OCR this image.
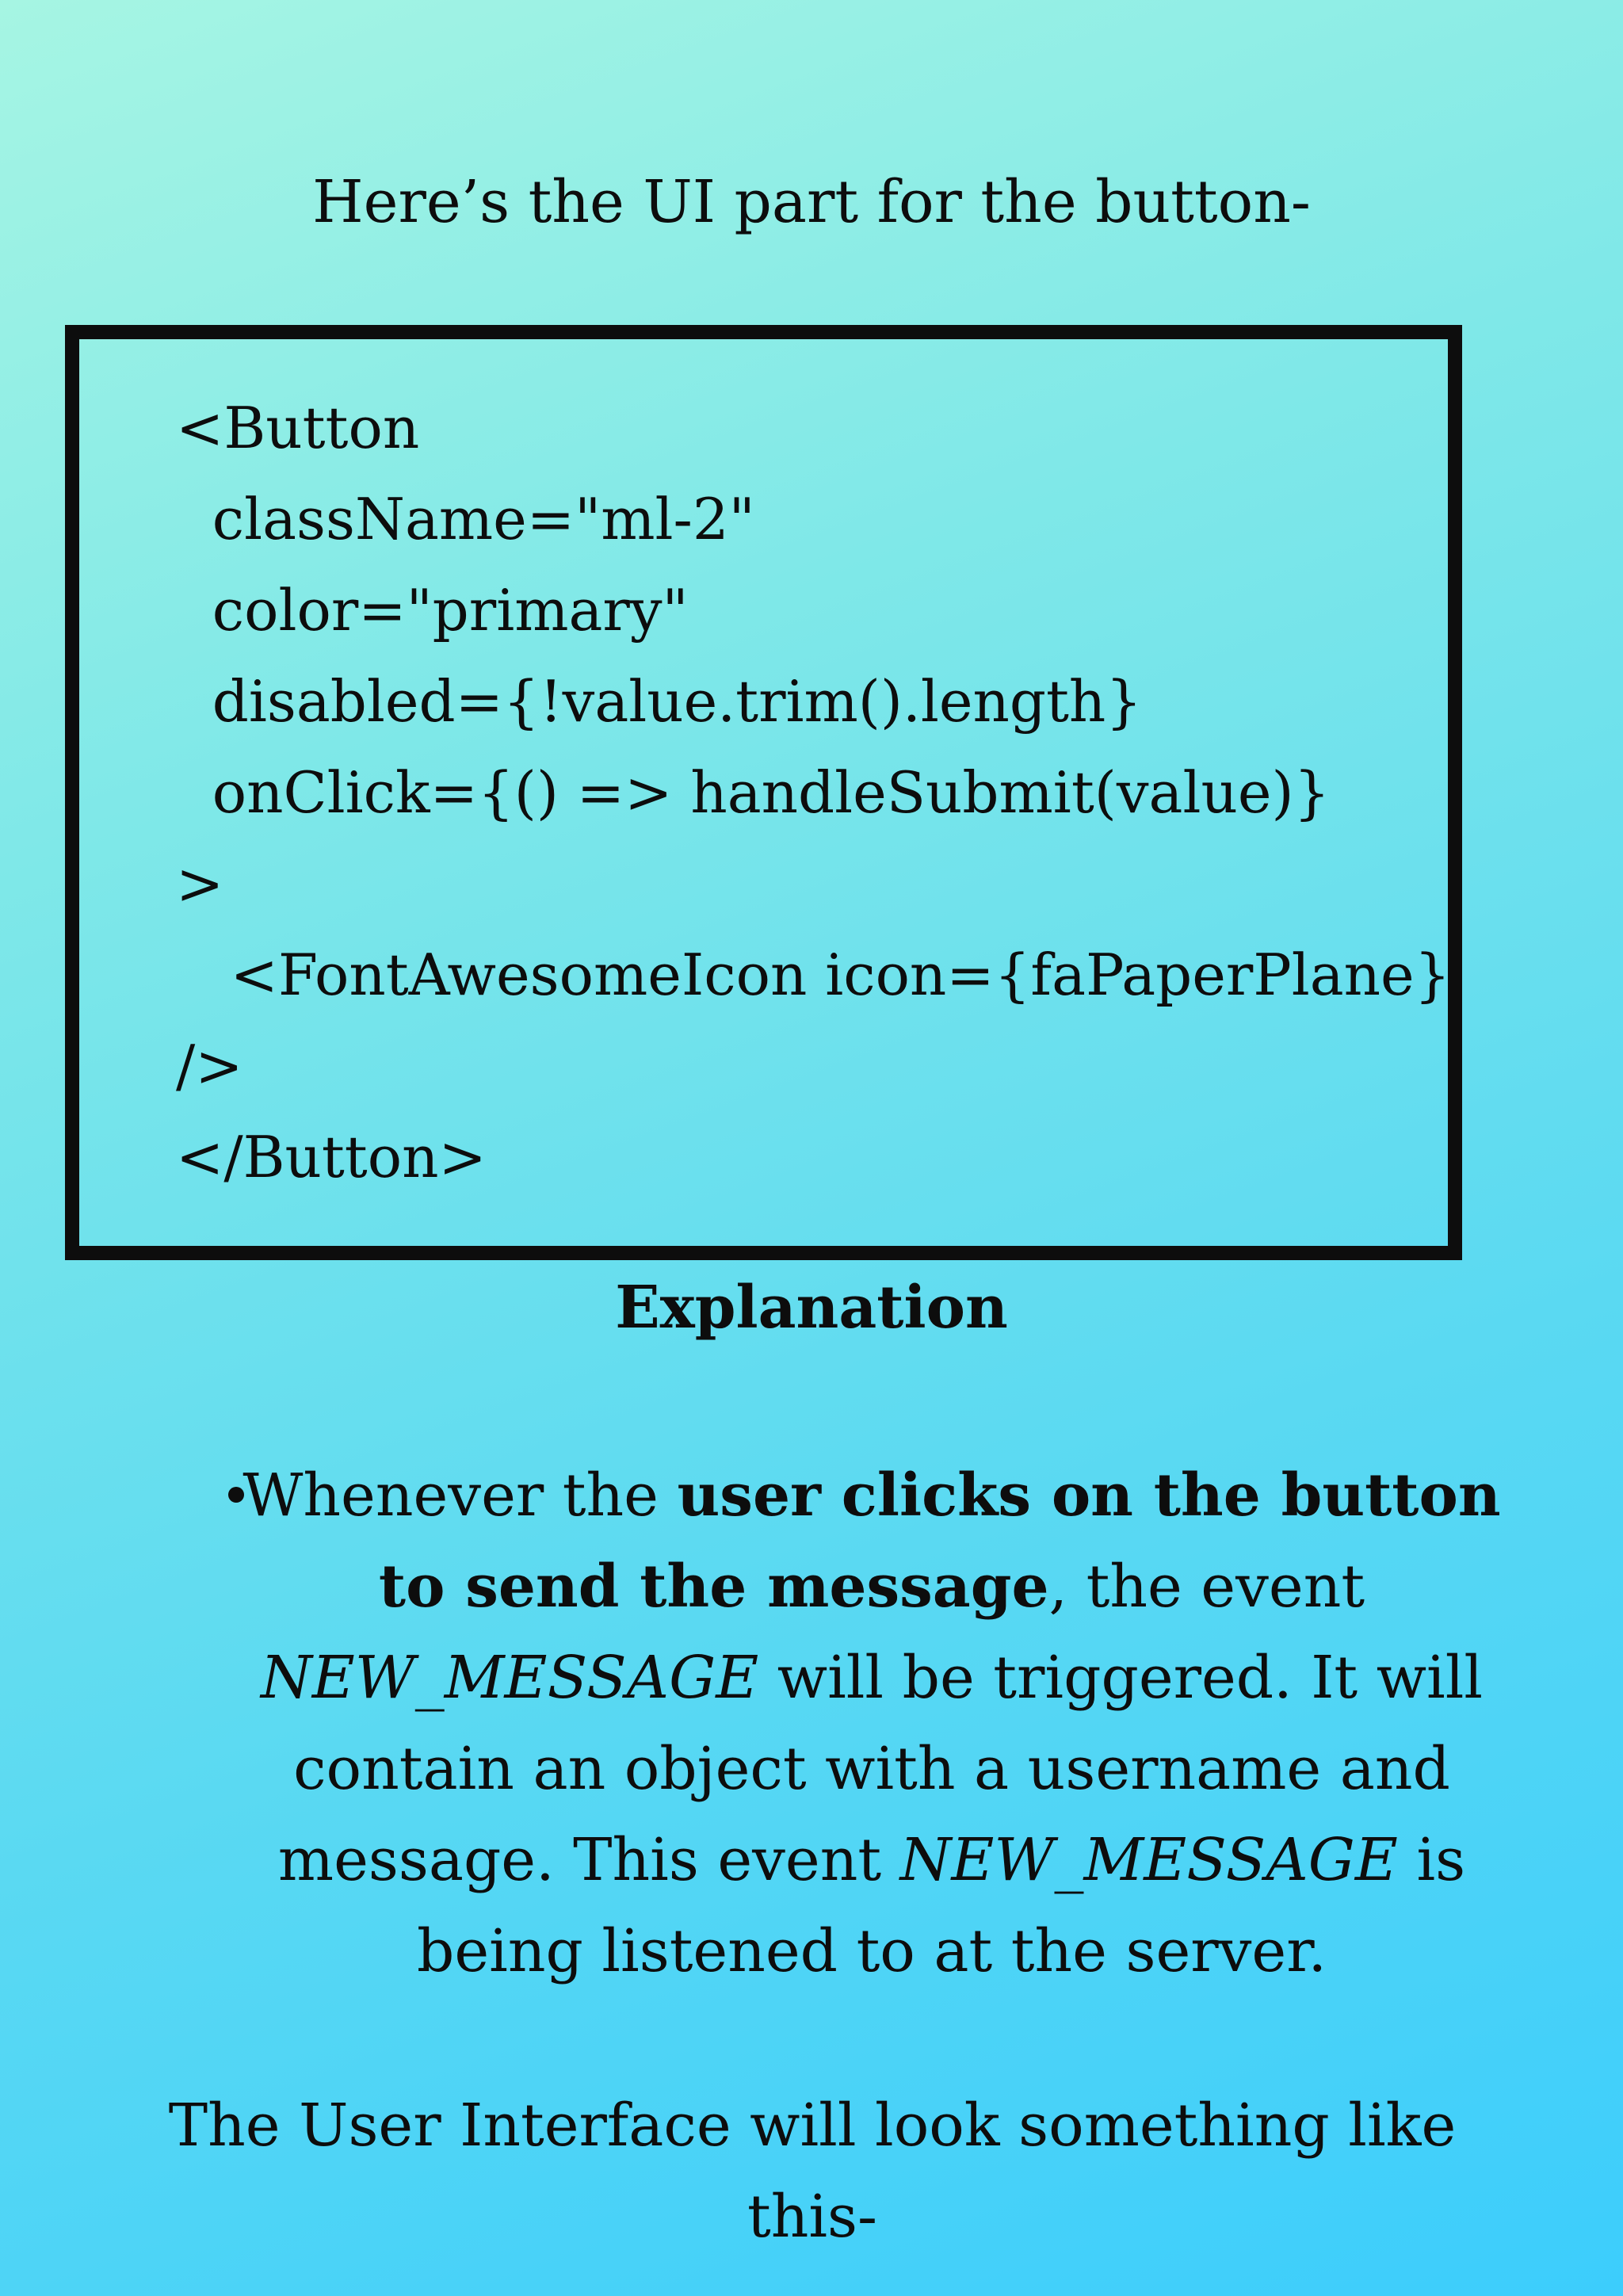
Here’s the UI part for the button-
<Button
className="ml-2"
color="primary"
disabled={!value.trim().length}
onClick={() => handleSubmit(value)}
>
<FontAwesomeIcon icon={faPaperPlane}
/>
</Button>
Explanation
Whenever the user clicks on the button
to send the message, the event
NEW_MESSAGE will be triggered. It will
contain an object with a username and
message. This event NEW_MESSAGE is
being listened to at the server.
The User Interface will look something like this-
